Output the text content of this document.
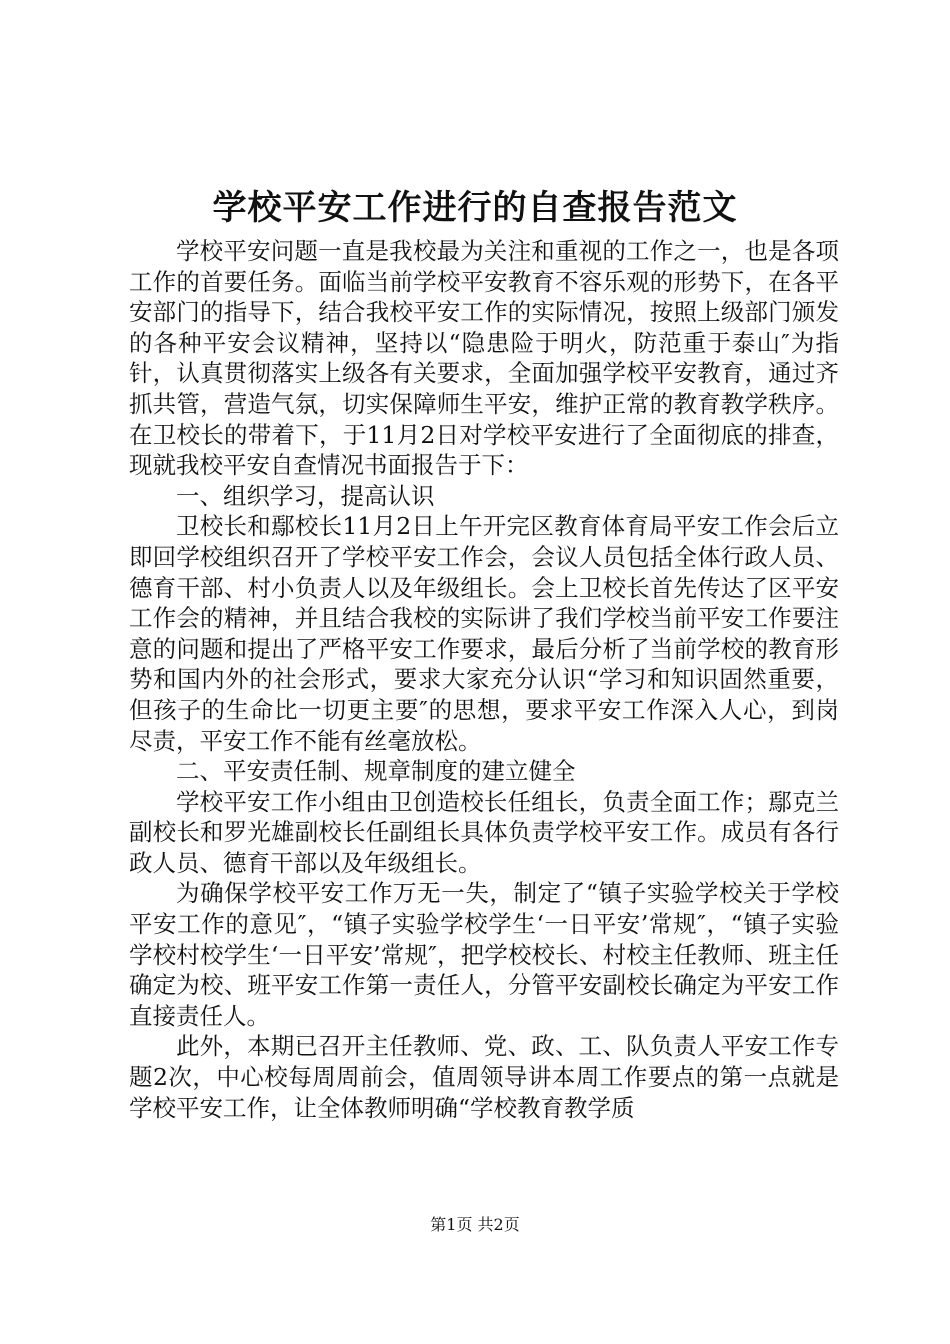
学校平安工作进行的自查报告范文

学校平安问题一直是我校最为关注和重视的工作之一，也是各项工作的首要任务。面临当前学校平安教育不容乐观的形势下，在各平安部门的指导下，结合我校平安工作的实际情况，按照上级部门颁发的各种平安会议精神，坚持以“隐患险于明火，防范重于泰山″为指针，认真贯彻落实上级各有关要求，全面加强学校平安教育，通过齐抓共管，营造气氛，切实保障师生平安，维护正常的教育教学秩序。在卫校长的带着下，于11月2日对学校平安进行了全面彻底的排查，现就我校平安自查情况书面报告于下：

一、组织学习，提高认识

卫校长和鄢校长11月2日上午开完区教育体育局平安工作会后立即回学校组织召开了学校平安工作会，会议人员包括全体行政人员、德育干部、村小负责人以及年级组长。会上卫校长首先传达了区平安工作会的精神，并且结合我校的实际讲了我们学校当前平安工作要注意的问题和提出了严格平安工作要求，最后分析了当前学校的教育形势和国内外的社会形式，要求大家充分认识“学习和知识固然重要，但孩子的生命比一切更主要″的思想，要求平安工作深入人心，到岗尽责，平安工作不能有丝毫放松。

二、平安责任制、规章制度的建立健全

学校平安工作小组由卫创造校长任组长，负责全面工作；鄢克兰副校长和罗光雄副校长任副组长具体负责学校平安工作。成员有各行政人员、德育干部以及年级组长。

为确保学校平安工作万无一失，制定了“镇子实验学校关于学校平安工作的意见″，“镇子实验学校学生‘一日平安’常规″，“镇子实验学校村校学生‘一日平安’常规″，把学校校长、村校主任教师、班主任确定为校、班平安工作第一责任人，分管平安副校长确定为平安工作直接责任人。

此外，本期已召开主任教师、党、政、工、队负责人平安工作专题2次，中心校每周周前会，值周领导讲本周工作要点的第一点就是学校平安工作，让全体教师明确“学校教育教学质

第1页 共2页
